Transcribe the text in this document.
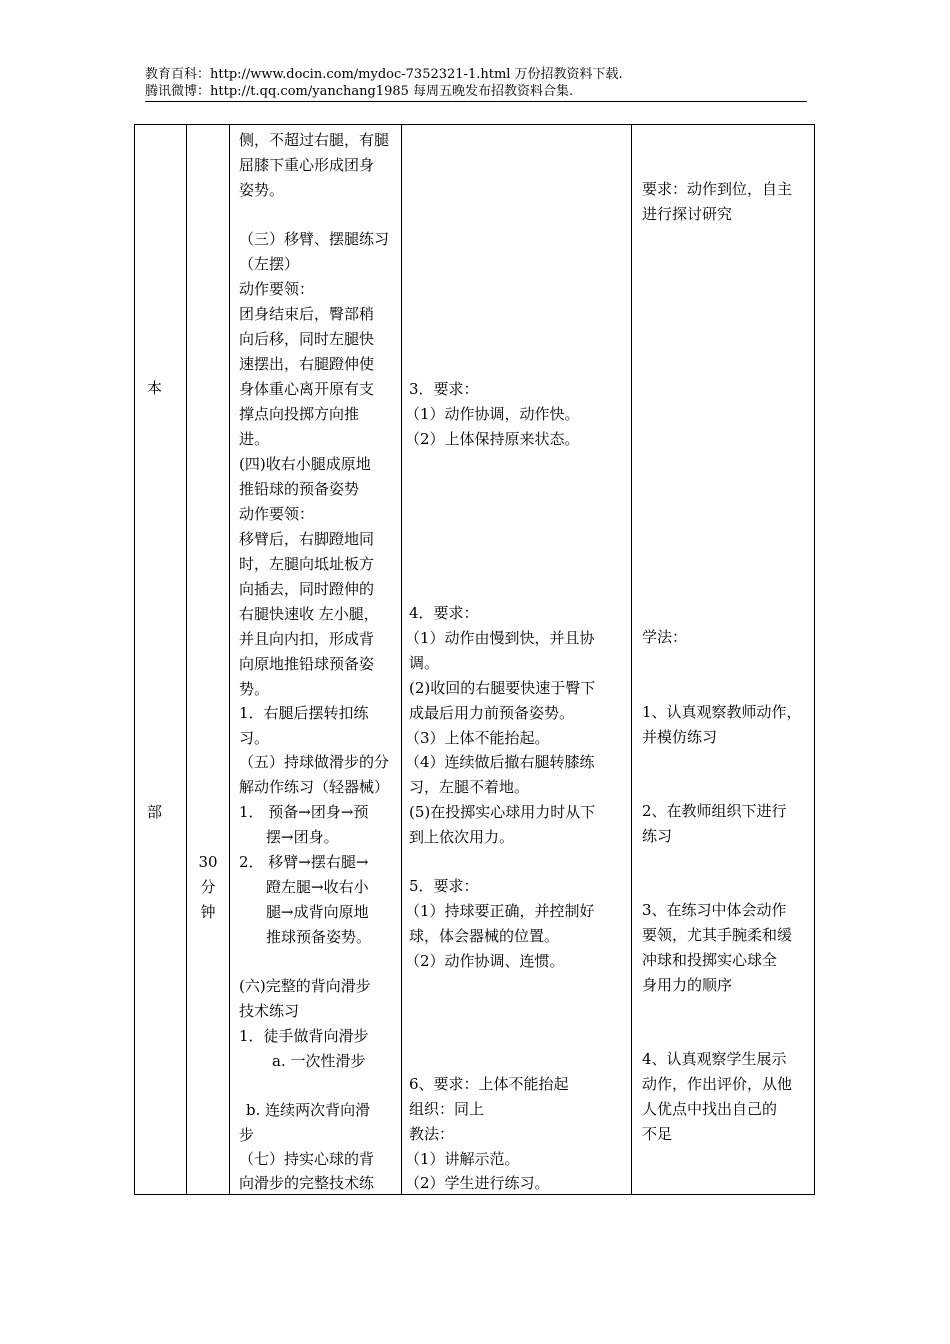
教育百科：http://www.docin.com/mydoc-7352321-1.html 万份招教资料下载.
腾讯微博：http://t.qq.com/yanchang1985 每周五晚发布招教资料合集.
本
部
30
分
钟
侧，不超过右腿，有腿
屈膝下重心形成团身
姿势。
（三）移臂、摆腿练习
（左摆）
动作要领：
团身结束后，臀部稍
向后移，同时左腿快
速摆出，右腿蹬伸使
身体重心离开原有支
撑点向投掷方向推
进。
(四)收右小腿成原地
推铅球的预备姿势
动作要领：
移臂后，右脚蹬地同
时，左腿向坻址板方
向插去，同时蹬伸的
右腿快速收 左小腿，
并且向内扣，形成背
向原地推铅球预备姿
势。
1．右腿后摆转扣练
习。
（五）持球做滑步的分
解动作练习（轻器械）
1． 预备→团身→预
摆→团身。
2． 移臂→摆右腿→
蹬左腿→收右小
腿→成背向原地
推球预备姿势。
(六)完整的背向滑步
技术练习
1．徒手做背向滑步
a. 一次性滑步
b. 连续两次背向滑
步
（七）持实心球的背
向滑步的完整技术练
3．要求：
（1）动作协调，动作快。
（2）上体保持原来状态。
4．要求：
（1）动作由慢到快，并且协
调。
(2)收回的右腿要快速于臀下
成最后用力前预备姿势。
（3）上体不能抬起。
（4）连续做后撤右腿转膝练
习，左腿不着地。
(5)在投掷实心球用力时从下
到上依次用力。
5．要求：
（1）持球要正确，并控制好
球，体会器械的位置。
（2）动作协调、连惯。
6、要求：上体不能抬起
组织：同上
教法：
（1）讲解示范。
（2）学生进行练习。
要求：动作到位，自主
进行探讨研究
学法：
1、认真观察教师动作，
并模仿练习
2、在教师组织下进行
练习
3、在练习中体会动作
要领，尤其手腕柔和缓
冲球和投掷实心球全
身用力的顺序
4、认真观察学生展示
动作，作出评价，从他
人优点中找出自己的
不足
